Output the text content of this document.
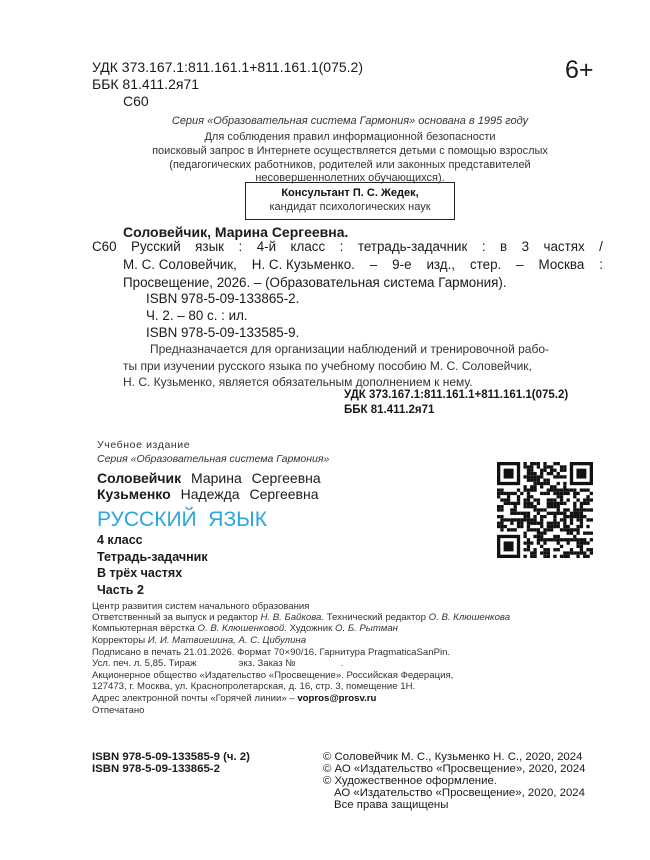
УДК 373.167.1:811.161.1+811.161.1(075.2)
ББК 81.411.2я71
С60
6+
Серия «Образовательная система Гармония» основана в 1995 году
Для соблюдения правил информационной безопасности
поисковый запрос в Интернете осуществляется детьми с помощью взрослых
(педагогических работников, родителей или законных представителей
несовершеннолетних обучающихся).
Консультант П. С. Жедек,
кандидат психологических наук
Соловейчик, Марина Сергеевна.
С60 Русский язык : 4-й класс : тетрадь-задачник : в 3 частях /
М. С. Соловейчик, Н. С. Кузьменко. – 9-е изд., стер. – Москва :
Просвещение, 2026. – (Образовательная система Гармония).
ISBN 978-5-09-133865-2.
Ч. 2. – 80 с. : ил.
ISBN 978-5-09-133585-9.
Предназначается для организации наблюдений и тренировочной рабо-
ты при изучении русского языка по учебному пособию М. С. Соловейчик,
Н. С. Кузьменко, является обязательным дополнением к нему.
УДК 373.167.1:811.161.1+811.161.1(075.2)
ББК 81.411.2я71
Учебное издание
Серия «Образовательная система Гармония»
Соловейчик Марина Сергеевна
Кузьменко Надежда Сергеевна
РУССКИЙ  ЯЗЫК
4 класс
Тетрадь-задачник
В трёх частях
Часть 2
Центр развития систем начального образования
Ответственный за выпуск и редактор Н. В. Байкова. Технический редактор О. В. Клюшенкова
Компьютерная вёрстка О. В. Клюшенковой. Художник О. Б. Рытман
Корректоры И. И. Матвиешина, А. С. Цибулина
Подписано в печать 21.01.2026. Формат 70×90/16. Гарнитура PragmaticaSanPin.
Усл. печ. л. 5,85. Тираж	экз. Заказ №	.
Акционерное общество «Издательство «Просвещение». Российская Федерация,
127473, г. Москва, ул. Краснопролетарская, д. 16, стр. 3, помещение 1Н.
Адрес электронной почты «Горячей линии» – vopros@prosv.ru
Отпечатано
ISBN 978-5-09-133585-9 (ч. 2)
ISBN 978-5-09-133865-2
© Соловейчик М. С., Кузьменко Н. С., 2020, 2024
© АО «Издательство «Просвещение», 2020, 2024
© Художественное оформление.
АО «Издательство «Просвещение», 2020, 2024
Все права защищены
